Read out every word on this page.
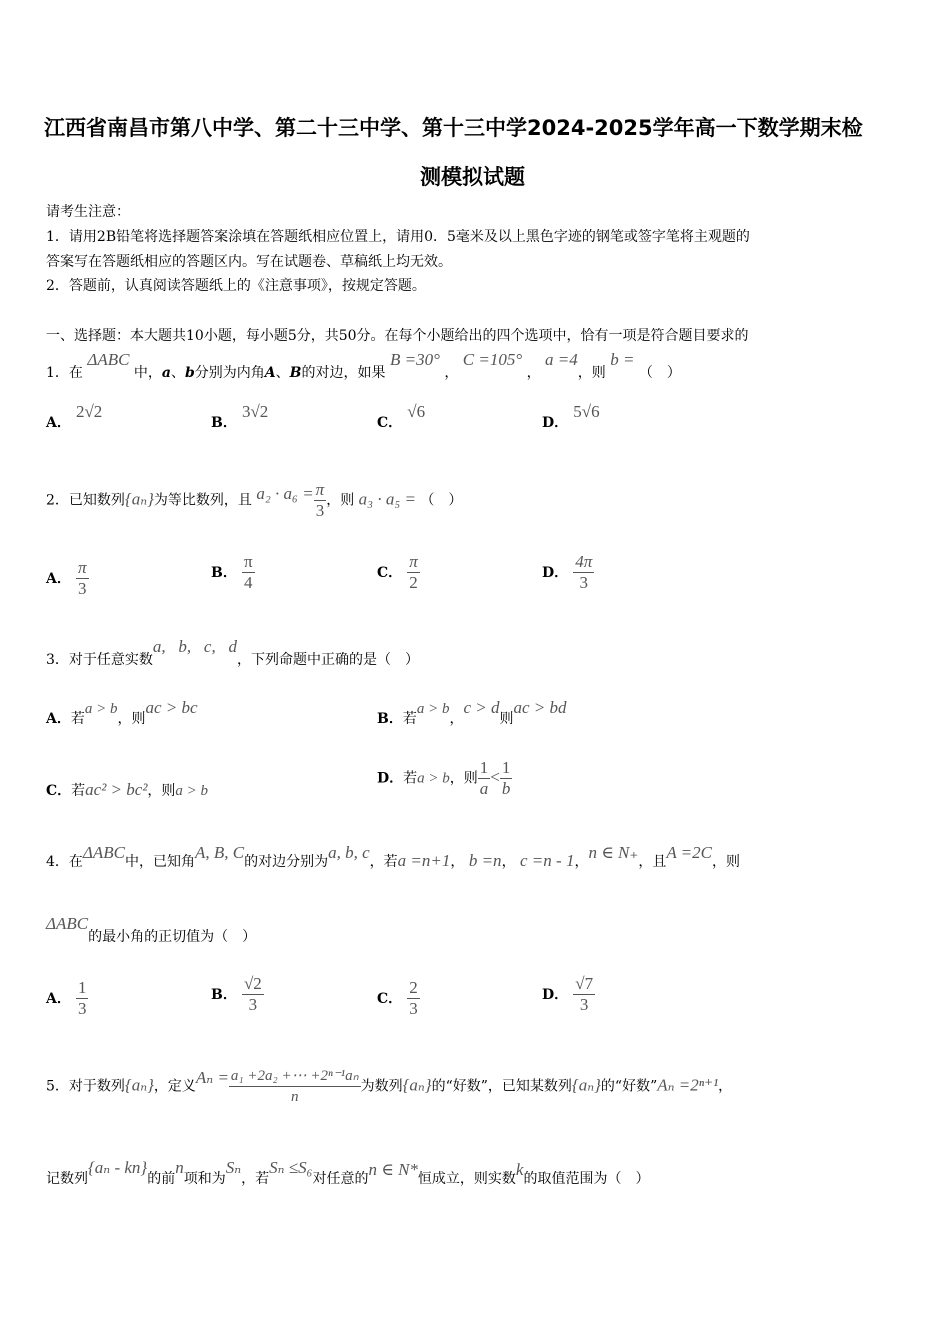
江西省南昌市第八中学、第二十三中学、第十三中学2024-2025学年高一下数学期末检
测模拟试题
请考生注意：
1．请用2B铅笔将选择题答案涂填在答题纸相应位置上，请用0．5毫米及以上黑色字迹的钢笔或签字笔将主观题的
答案写在答题纸相应的答题区内。写在试题卷、草稿纸上均无效。
2．答题前，认真阅读答题纸上的《注意事项》，按规定答题。
一、选择题：本大题共10小题，每小题5分，共50分。在每个小题给出的四个选项中，恰有一项是符合题目要求的
1．在 ΔABC 中，a、b分别为内角A、B的对边，如果 B =30° ， C =105° ， a =4，则 b = （　）
A． 2√2
B． 3√2
C． √6
D． 5√6
2．已知数列{aₙ}为等比数列，且 $a_2 \cdot a_6 = \frac{\pi}{3}$ ，则 a₃ · a₅ = （　）
A． $\frac{\pi}{3}$	B． $\frac{\pi}{4}$	C． $\frac{\pi}{2}$	D． $\frac{4\pi}{3}$
3．对于任意实数a,   b,   c,   d，下列命题中正确的是（　）
A．若a > b，则ac > bc
B．若a > b，c > d则ac > bd
C．若ac² > bc²，则a > b
D．若a > b，则 $\frac{1}{a} < \frac{1}{b}$
4．在ΔABC中，已知角A, B, C的对边分别为a, b, c，若a =n+1， b =n， c =n - 1，n ∈ N₊，且A =2C，则
ΔABC的最小角的正切值为（　）
A． $\frac{1}{3}$	B． $\frac{√2}{3}$	C． $\frac{2}{3}$	D． $\frac{√7}{3}$
5．对于数列{aₙ}，定义$A_n = \frac{\text{a₁ +2a₂ +⋯ +2ⁿ⁻¹aₙ}}{n}$ 为数列{aₙ}的“好数”，已知某数列{aₙ}的“好数”Aₙ =2ⁿ⁺¹，
记数列{aₙ - kn}的前n项和为Sₙ，若Sₙ ≤S₆对任意的n ∈ N*恒成立，则实数k的取值范围为（　）
